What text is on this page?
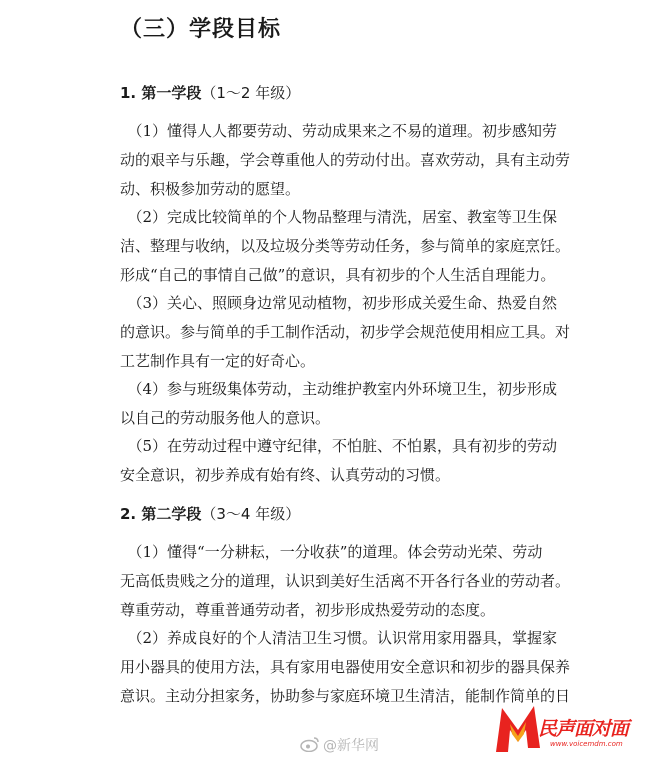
（三）学段目标
1. 第一学段（1～2 年级）

　（1）懂得人人都要劳动、劳动成果来之不易的道理。初步感知劳
动的艰辛与乐趣，学会尊重他人的劳动付出。喜欢劳动，具有主动劳
动、积极参加劳动的愿望。

　（2）完成比较简单的个人物品整理与清洗，居室、教室等卫生保
洁、整理与收纳，以及垃圾分类等劳动任务，参与简单的家庭烹饪。
形成“自己的事情自己做”的意识，具有初步的个人生活自理能力。

　（3）关心、照顾身边常见动植物，初步形成关爱生命、热爱自然
的意识。参与简单的手工制作活动，初步学会规范使用相应工具。对
工艺制作具有一定的好奇心。

　（4）参与班级集体劳动，主动维护教室内外环境卫生，初步形成
以自己的劳动服务他人的意识。

　（5）在劳动过程中遵守纪律，不怕脏、不怕累，具有初步的劳动
安全意识，初步养成有始有终、认真劳动的习惯。

2. 第二学段（3～4 年级）

　（1）懂得“一分耕耘，一分收获”的道理。体会劳动光荣、劳动
无高低贵贱之分的道理，认识到美好生活离不开各行各业的劳动者。
尊重劳动，尊重普通劳动者，初步形成热爱劳动的态度。

　（2）养成良好的个人清洁卫生习惯。认识常用家用器具，掌握家
用小器具的使用方法，具有家用电器使用安全意识和初步的器具保养
意识。主动分担家务，协助参与家庭环境卫生清洁，能制作简单的日

@新华网
民声面对面
www.voicemdm.com
